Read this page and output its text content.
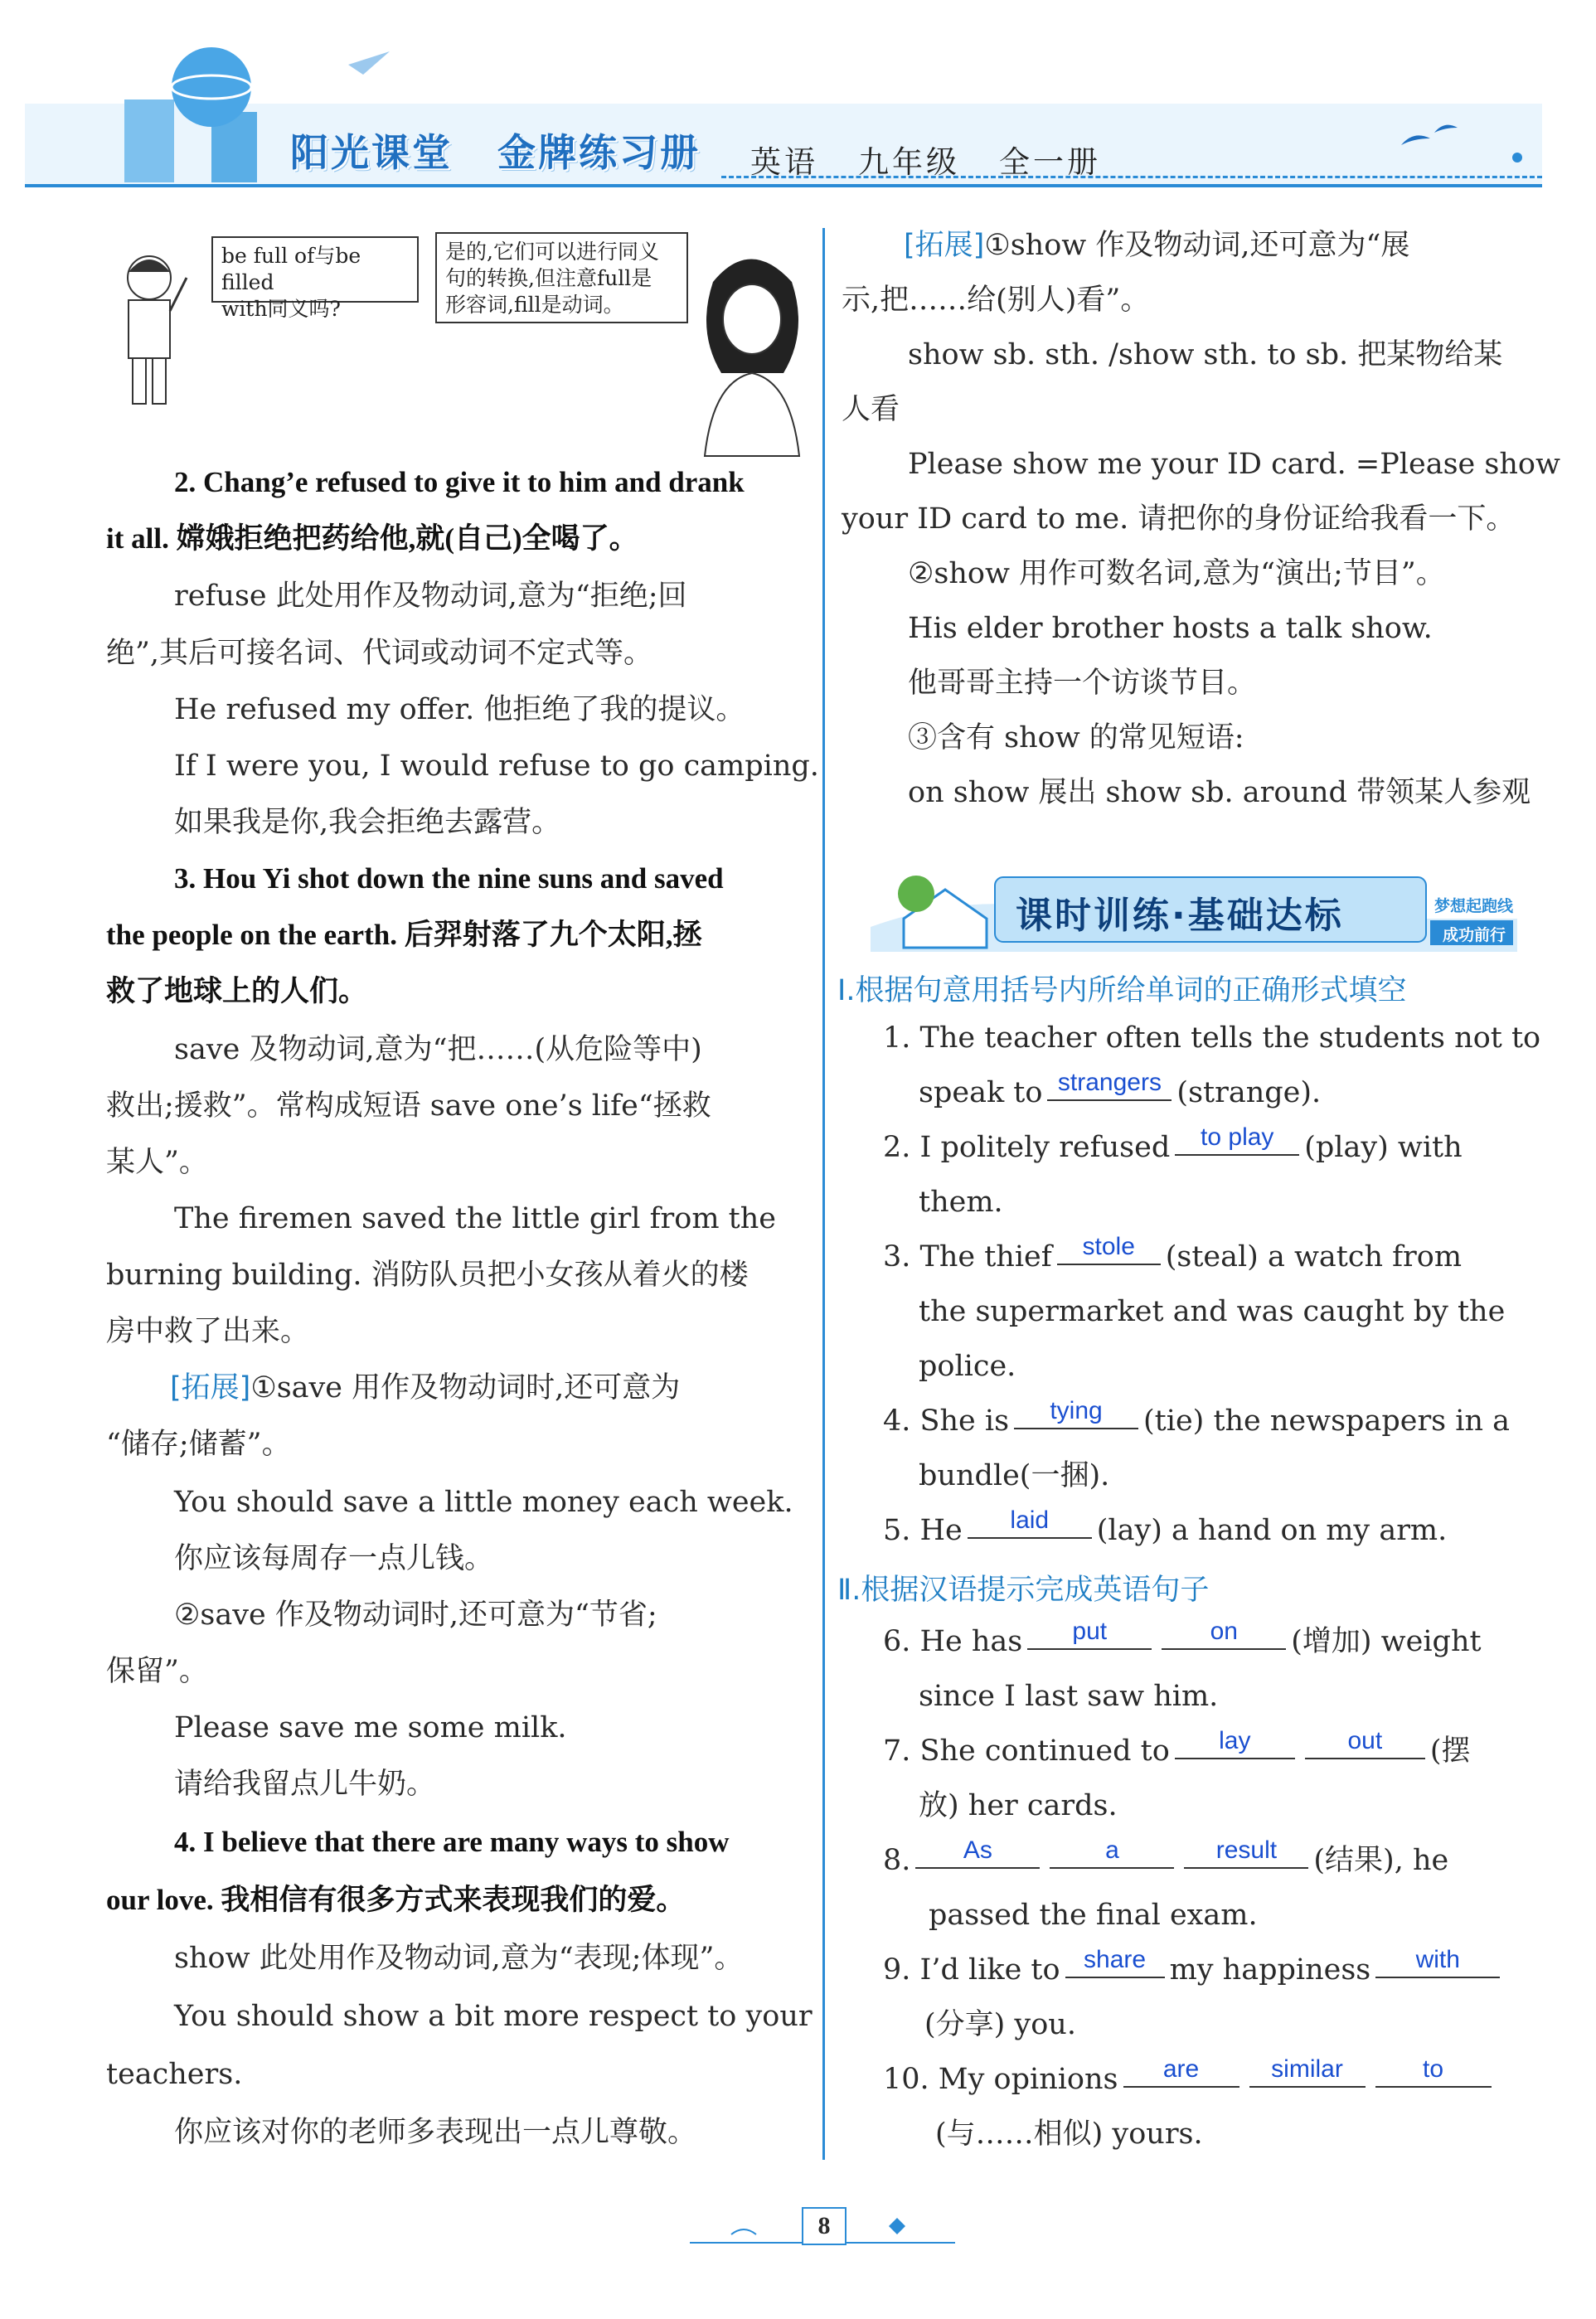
阳光课堂 金牌练习册 英语 九年级 全一册
be full of与be filled
with同义吗?
是的,它们可以进行同义
句的转换,但注意full是
形容词,fill是动词。
2. Chang’e refused to give it to him and drank
it all. 嫦娥拒绝把药给他,就(自己)全喝了。
refuse 此处用作及物动词,意为“拒绝;回
绝”,其后可接名词、代词或动词不定式等。
He refused my offer. 他拒绝了我的提议。
If I were you, I would refuse to go camping.
如果我是你,我会拒绝去露营。
3. Hou Yi shot down the nine suns and saved
the people on the earth. 后羿射落了九个太阳,拯
救了地球上的人们。
save 及物动词,意为“把……(从危险等中)
救出;援救”。常构成短语 save one’s life“拯救
某人”。
The firemen saved the little girl from the
burning building. 消防队员把小女孩从着火的楼
房中救了出来。
[拓展]①save 用作及物动词时,还可意为
“储存;储蓄”。
You should save a little money each week.
你应该每周存一点儿钱。
②save 作及物动词时,还可意为“节省;
保留”。
Please save me some milk.
请给我留点儿牛奶。
4. I believe that there are many ways to show
our love. 我相信有很多方式来表现我们的爱。
show 此处用作及物动词,意为“表现;体现”。
You should show a bit more respect to your
teachers.
你应该对你的老师多表现出一点儿尊敬。
[拓展]①show 作及物动词,还可意为“展
示,把……给(别人)看”。
show sb. sth. /show sth. to sb. 把某物给某
人看
Please show me your ID card. =Please show
your ID card to me. 请把你的身份证给我看一下。
②show 用作可数名词,意为“演出;节目”。
His elder brother hosts a talk show.
他哥哥主持一个访谈节目。
③含有 show 的常见短语:
on show 展出 show sb. around 带领某人参观
课时训练·基础达标	梦想起跑线
成功前行
Ⅰ.根据句意用括号内所给单词的正确形式填空
1. The teacher often tells the students not to
speak to strangers (strange).
2. I politely refused to play (play) with
them.
3. The thief stole (steal) a watch from
the supermarket and was caught by the
police.
4. She is tying (tie) the newspapers in a
bundle(一捆).
5. He laid (lay) a hand on my arm.
Ⅱ.根据汉语提示完成英语句子
6. He has put	on (增加) weight
since I last saw him.
7. She continued to lay	out (摆
放) her cards.
8. As	a	result (结果), he
passed the final exam.
9. I’d like to share my happiness with
(分享) you.
10. My opinions are	similar	to
(与……相似) yours.
8
